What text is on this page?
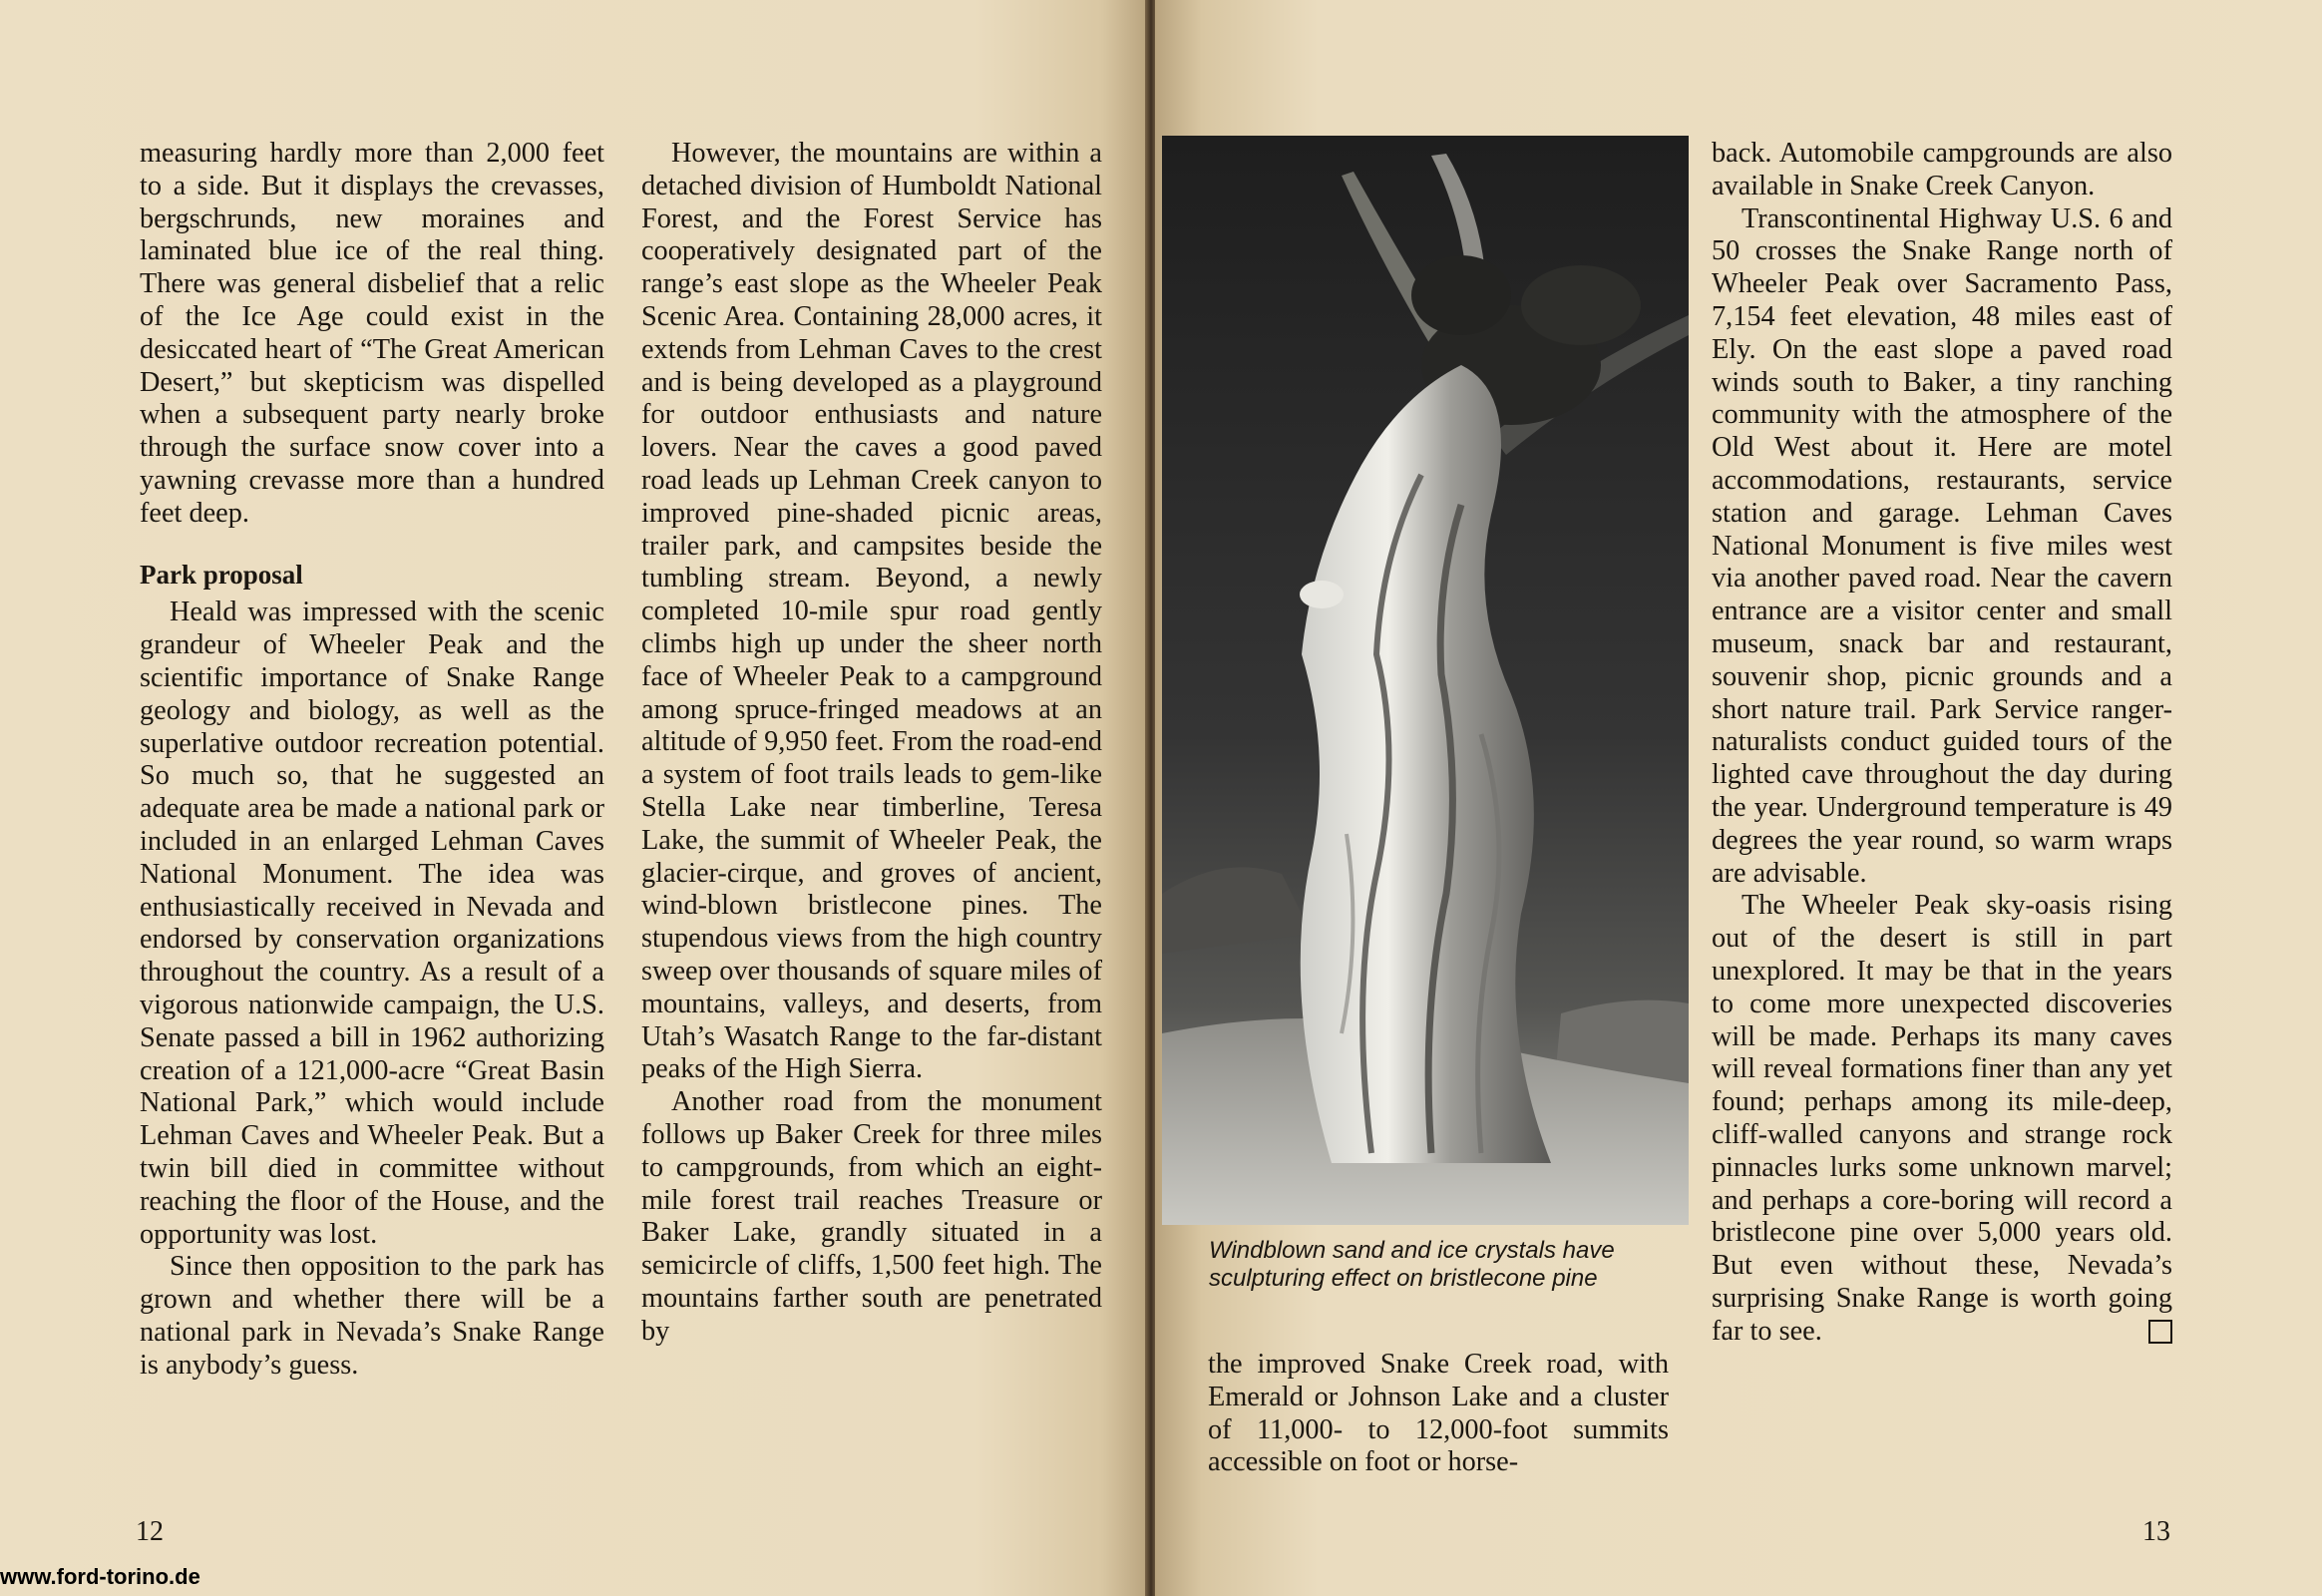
measuring hardly more than 2,000 feet to a side. But it displays the crevasses, bergschrunds, new moraines and laminated blue ice of the real thing. There was general disbelief that a relic of the Ice Age could exist in the desiccated heart of “The Great American Desert,” but skepticism was dispelled when a subsequent party nearly broke through the surface snow cover into a yawning crevasse more than a hundred feet deep.

Park proposal

Heald was impressed with the scenic grandeur of Wheeler Peak and the scientific importance of Snake Range geology and biology, as well as the superlative outdoor recreation potential. So much so, that he suggested an adequate area be made a national park or included in an enlarged Lehman Caves National Monument. The idea was enthusiastically received in Nevada and endorsed by conservation organizations throughout the country. As a result of a vigorous nationwide campaign, the U.S. Senate passed a bill in 1962 authorizing creation of a 121,000-acre “Great Basin National Park,” which would include Lehman Caves and Wheeler Peak. But a twin bill died in committee without reaching the floor of the House, and the opportunity was lost.

Since then opposition to the park has grown and whether there will be a national park in Nevada’s Snake Range is anybody’s guess.

However, the mountains are within a detached division of Humboldt National Forest, and the Forest Service has cooperatively designated part of the range’s east slope as the Wheeler Peak Scenic Area. Containing 28,000 acres, it extends from Lehman Caves to the crest and is being developed as a playground for outdoor enthusiasts and nature lovers. Near the caves a good paved road leads up Lehman Creek canyon to improved pine-shaded picnic areas, trailer park, and campsites beside the tumbling stream. Beyond, a newly completed 10-mile spur road gently climbs high up under the sheer north face of Wheeler Peak to a campground among spruce-fringed meadows at an altitude of 9,950 feet. From the road-end a system of foot trails leads to gem-like Stella Lake near timberline, Teresa Lake, the summit of Wheeler Peak, the glacier-cirque, and groves of ancient, wind-blown bristlecone pines. The stupendous views from the high country sweep over thousands of square miles of mountains, valleys, and deserts, from Utah’s Wasatch Range to the far-distant peaks of the High Sierra.

Another road from the monument follows up Baker Creek for three miles to campgrounds, from which an eight-mile forest trail reaches Treasure or Baker Lake, grandly situated in a semicircle of cliffs, 1,500 feet high. The mountains farther south are penetrated by

12
www.ford-torino.de
Windblown sand and ice crystals have
sculpturing effect on bristlecone pine

the improved Snake Creek road, with Emerald or Johnson Lake and a cluster of 11,000- to 12,000-foot summits accessible on foot or horse-

back. Automobile campgrounds are also available in Snake Creek Canyon.

Transcontinental Highway U.S. 6 and 50 crosses the Snake Range north of Wheeler Peak over Sacramento Pass, 7,154 feet elevation, 48 miles east of Ely. On the east slope a paved road winds south to Baker, a tiny ranching community with the atmosphere of the Old West about it. Here are motel accommodations, restaurants, service station and garage. Lehman Caves National Monument is five miles west via another paved road. Near the cavern entrance are a visitor center and small museum, snack bar and restaurant, souvenir shop, picnic grounds and a short nature trail. Park Service ranger-naturalists conduct guided tours of the lighted cave throughout the day during the year. Underground temperature is 49 degrees the year round, so warm wraps are advisable.

The Wheeler Peak sky-oasis rising out of the desert is still in part unexplored. It may be that in the years to come more unexpected discoveries will be made. Perhaps its many caves will reveal formations finer than any yet found; perhaps among its mile-deep, cliff-walled canyons and strange rock pinnacles lurks some unknown marvel; and perhaps a core-boring will record a bristlecone pine over 5,000 years old. But even without these, Nevada’s surprising Snake Range is worth going far to see.

13
